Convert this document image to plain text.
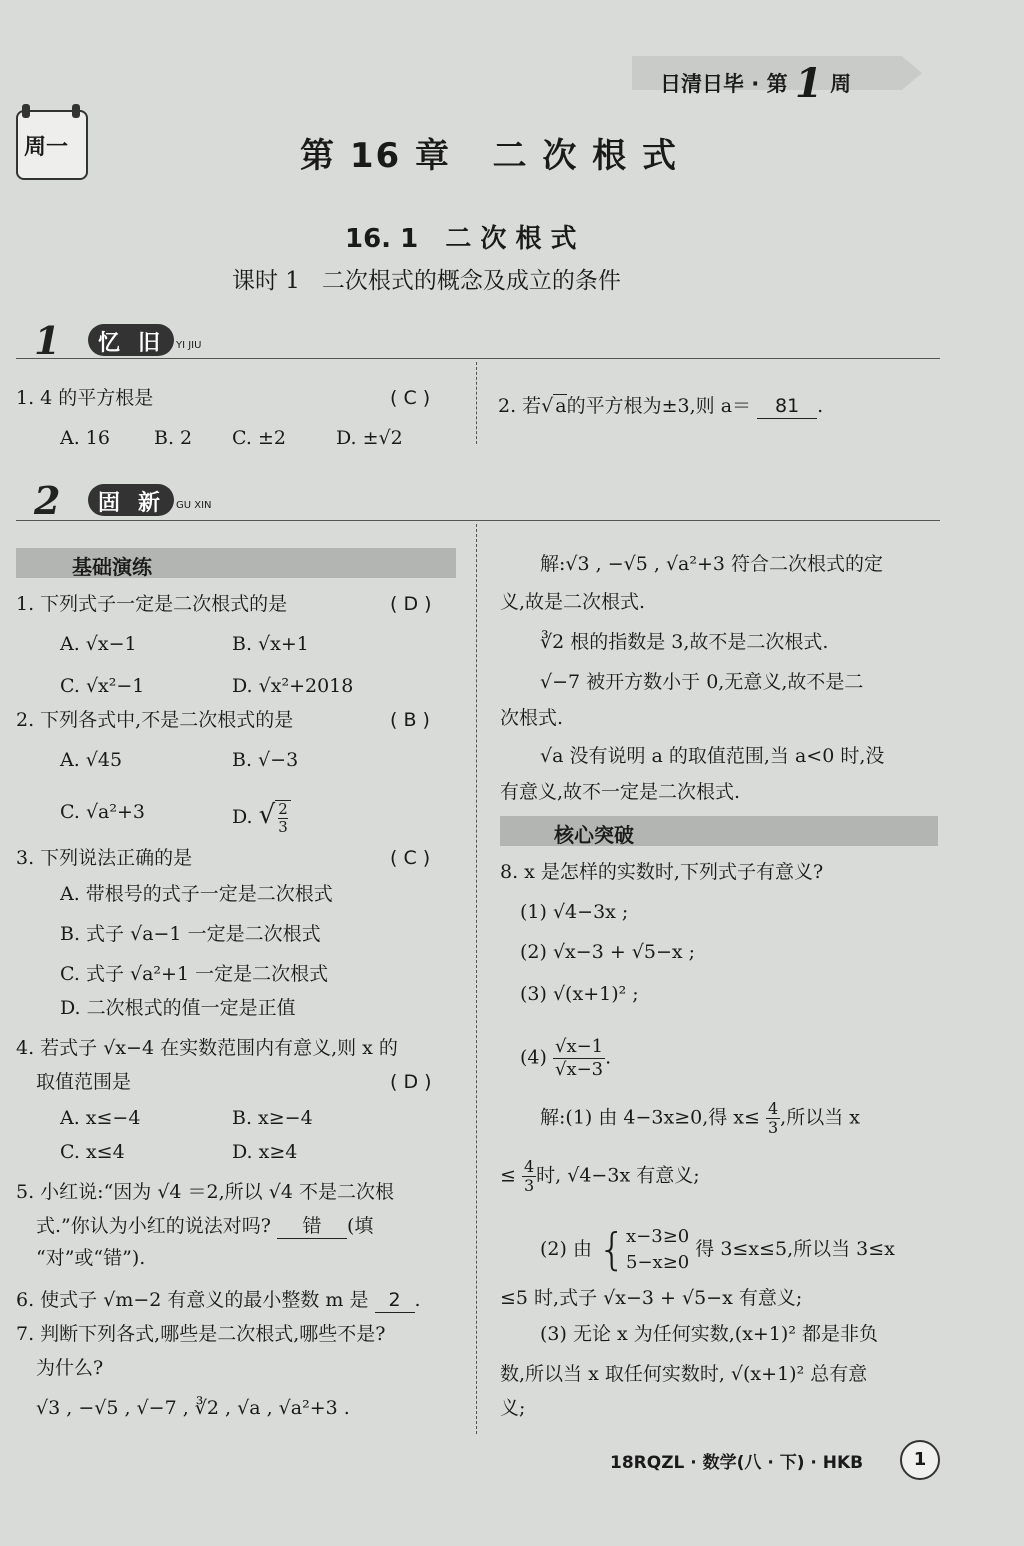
日清日毕 · 第 1 周
周一	第 16 章   二 次 根 式
16. 1   二 次 根 式
课时 1   二次根式的概念及成立的条件
1 忆 旧 YI JIU
1. 4 的平方根是	( C )
A. 16 B. 2 C. ±2	D. ±√2
2. 若√ a的平方根为±3,则 a＝ 81 .
2 固 新 GU XIN
基础演练
1. 下列式子一定是二次根式的是	( D )
A. √x−1	B. √x+1
C. √x²−1	D. √x²+2018
2. 下列各式中,不是二次根式的是	( B )
A. √45	B. √−3
C. √a²+3	D. √ $\frac{2}{3}$
3. 下列说法正确的是	( C )
A. 带根号的式子一定是二次根式
B. 式子 √a−1 一定是二次根式
C. 式子 √a²+1 一定是二次根式
D. 二次根式的值一定是正值
4. 若式子 √x−4 在实数范围内有意义,则 x 的
取值范围是	( D )
A. x≤−4	B. x≥−4
C. x≤4	D. x≥4
5. 小红说:“因为 √4 ＝2,所以 √4 不是二次根
式.”你认为小红的说法对吗? 错 (填
“对”或“错”).
6. 使式子 √m−2 有意义的最小整数 m 是 2 .
7. 判断下列各式,哪些是二次根式,哪些不是?
为什么?
√3 , −√5 , √−7 , ∛2 , √a , √a²+3 .
解:√3 , −√5 , √a²+3 符合二次根式的定
义,故是二次根式.
∛2 根的指数是 3,故不是二次根式.
√−7 被开方数小于 0,无意义,故不是二
次根式.
√a 没有说明 a 的取值范围,当 a<0 时,没
有意义,故不一定是二次根式.
核心突破
8. x 是怎样的实数时,下列式子有意义?
(1) √4−3x ;
(2) √x−3 + √5−x ;
(3) √(x+1)² ;
$(4) \frac{√x-1}{√x-3}$ .
解:(1) 由 4−3x≥0,得 $x\le \frac{4}{3}$ ,所以当 x
≤ $\frac{4}{3}$ 时, √4−3x 有意义;
(2) 由 { x−3≥0
5−x≥0
得 3≤x≤5,所以当 3≤x
≤5 时,式子 √x−3 + √5−x 有意义;
(3) 无论 x 为任何实数,(x+1)² 都是非负
数,所以当 x 取任何实数时, √(x+1)² 总有意
义;
18RQZL · 数学(八 · 下) · HKB	1
